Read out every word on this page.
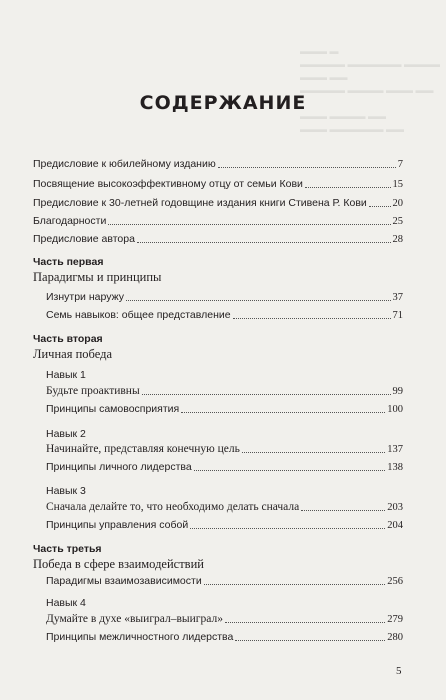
▬▬▬ ▬
▬▬▬▬▬ ▬▬▬▬▬▬ ▬▬▬▬ ▬▬▬ ▬▬
▬▬▬▬▬ ▬▬▬▬ ▬▬▬ ▬▬

▬▬▬ ▬▬▬▬ ▬▬
▬▬▬ ▬▬▬▬▬▬ ▬▬
СОДЕРЖАНИЕ
Предисловие к юбилейному изданию	7
Посвящение высокоэффективному отцу от семьи Кови	15
Предисловие к 30-летней годовщине издания книги Стивена Р. Кови 20
Благодарности	25
Предисловие автора	28
Часть первая
Парадигмы и принципы
Изнутри наружу	37
Семь навыков: общее представление	71
Часть вторая
Личная победа
Навык 1
Будьте проактивны	99
Принципы самовосприятия	100
Навык 2
Начинайте, представляя конечную цель	137
Принципы личного лидерства	138
Навык 3
Сначала делайте то, что необходимо делать сначала	203
Принципы управления собой	204
Часть третья
Победа в сфере взаимодействий
Парадигмы взаимозависимости	256
Навык 4
Думайте в духе «выиграл–выиграл»	279
Принципы межличностного лидерства	280
5
